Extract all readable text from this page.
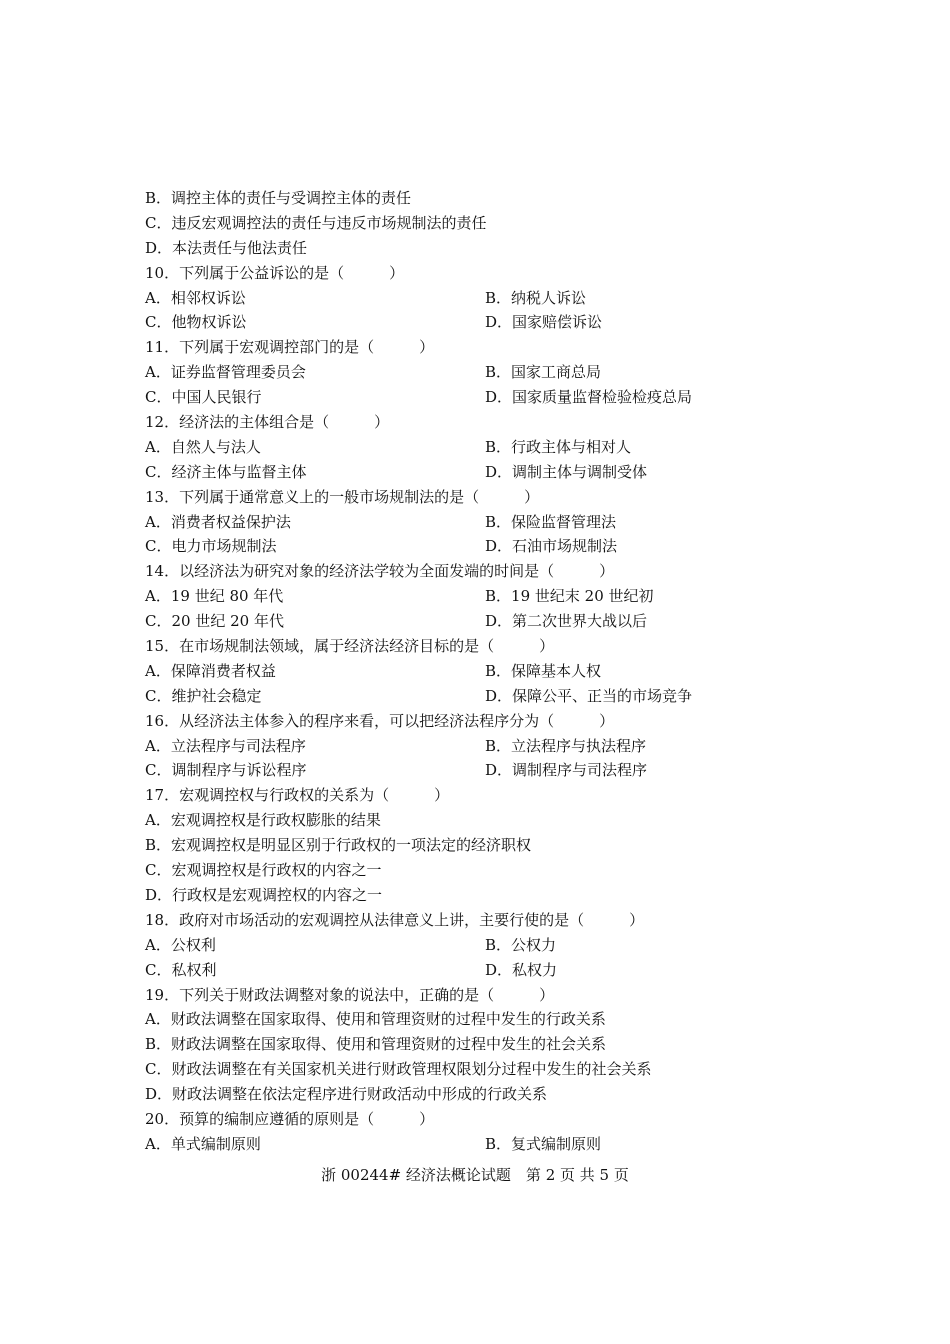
B．调控主体的责任与受调控主体的责任
C．违反宏观调控法的责任与违反市场规制法的责任
D．本法责任与他法责任
10．下列属于公益诉讼的是（　　　）
A．相邻权诉讼	B．纳税人诉讼
C．他物权诉讼	D．国家赔偿诉讼
11．下列属于宏观调控部门的是（　　　）
A．证券监督管理委员会	B．国家工商总局
C．中国人民银行	D．国家质量监督检验检疫总局
12．经济法的主体组合是（　　　）
A．自然人与法人	B．行政主体与相对人
C．经济主体与监督主体	D．调制主体与调制受体
13．下列属于通常意义上的一般市场规制法的是（　　　）
A．消费者权益保护法	B．保险监督管理法
C．电力市场规制法	D．石油市场规制法
14．以经济法为研究对象的经济法学较为全面发端的时间是（　　　）
A．19 世纪 80 年代	B．19 世纪末 20 世纪初
C．20 世纪 20 年代	D．第二次世界大战以后
15．在市场规制法领域，属于经济法经济目标的是（　　　）
A．保障消费者权益	B．保障基本人权
C．维护社会稳定	D．保障公平、正当的市场竞争
16．从经济法主体参入的程序来看，可以把经济法程序分为（　　　）
A．立法程序与司法程序	B．立法程序与执法程序
C．调制程序与诉讼程序	D．调制程序与司法程序
17．宏观调控权与行政权的关系为（　　　）
A．宏观调控权是行政权膨胀的结果
B．宏观调控权是明显区别于行政权的一项法定的经济职权
C．宏观调控权是行政权的内容之一
D．行政权是宏观调控权的内容之一
18．政府对市场活动的宏观调控从法律意义上讲，主要行使的是（　　　）
A．公权利	B．公权力
C．私权利	D．私权力
19．下列关于财政法调整对象的说法中，正确的是（　　　）
A．财政法调整在国家取得、使用和管理资财的过程中发生的行政关系
B．财政法调整在国家取得、使用和管理资财的过程中发生的社会关系
C．财政法调整在有关国家机关进行财政管理权限划分过程中发生的社会关系
D．财政法调整在依法定程序进行财政活动中形成的行政关系
20．预算的编制应遵循的原则是（　　　）
A．单式编制原则	B．复式编制原则
浙 00244# 经济法概论试题　第 2 页 共 5 页
